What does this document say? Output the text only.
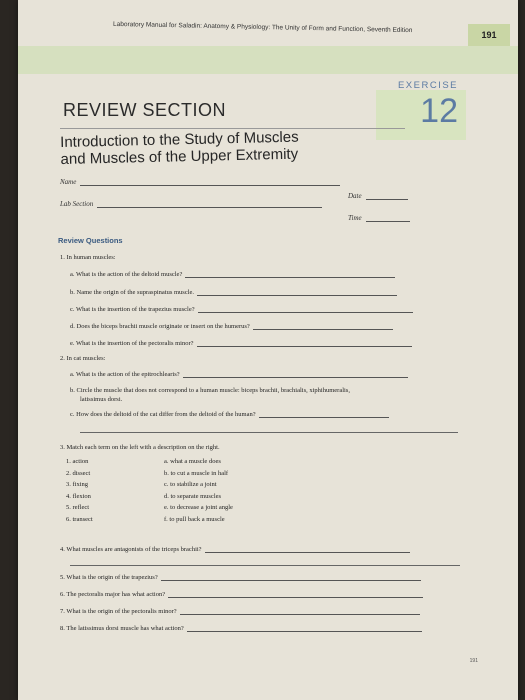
Laboratory Manual for Saladin: Anatomy & Physiology: The Unity of Form and Function, Seventh Edition
191
EXERCISE
12
REVIEW SECTION
Introduction to the Study of Muscles
and Muscles of the Upper Extremity
Name
Date
Lab Section
Time
Review Questions
1. In human muscles:
a. What is the action of the deltoid muscle?
b. Name the origin of the supraspinatus muscle.
c. What is the insertion of the trapezius muscle?
d. Does the biceps brachii muscle originate or insert on the humerus?
e. What is the insertion of the pectoralis minor?
2. In cat muscles:
a. What is the action of the epitrochlearis?
b. Circle the muscle that does not correspond to a human muscle: biceps brachii, brachialis, xiphihumeralis,
latissimus dorsi.
c. How does the deltoid of the cat differ from the deltoid of the human?
3. Match each term on the left with a description on the right.
1. action
2. dissect
3. fixing
4. flexion
5. reflect
6. transect
a. what a muscle does
b. to cut a muscle in half
c. to stabilize a joint
d. to separate muscles
e. to decrease a joint angle
f. to pull back a muscle
4. What muscles are antagonists of the triceps brachii?
5. What is the origin of the trapezius?
6. The pectoralis major has what action?
7. What is the origin of the pectoralis minor?
8. The latissimus dorsi muscle has what action?
191
